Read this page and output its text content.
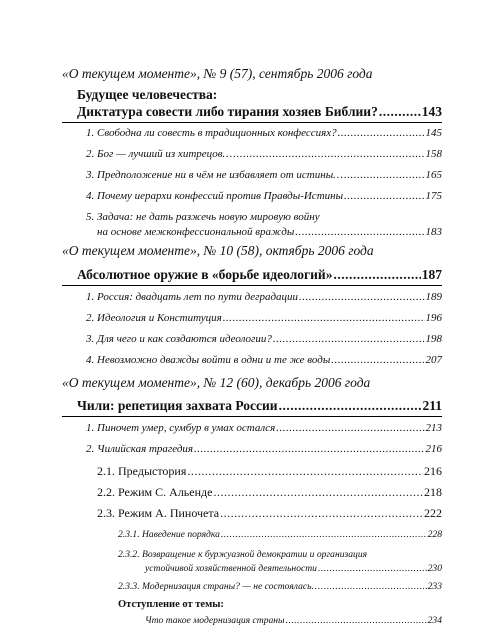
«О текущем моменте», № 9 (57), сентябрь 2006 года
Будущее человечества:
Диктатура совести либо тирания хозяев Библии? .....	143
1. Свободна ли совесть в традиционных конфессиях? .....	145
2. Бог — лучший из хитрецов… .....	158
3. Предположение ни в чём не избавляет от истины… .....	165
4. Почему иерархи конфессий против Правды-Истины .....	175
5. Задача: не дать разжечь новую мировую войну
на основе межконфессиональной вражды .....	183
«О текущем моменте», № 10 (58), октябрь 2006 года
Абсолютное оружие в «борьбе идеологий» .....	187
1. Россия: двадцать лет по пути деградации .....	189
2. Идеология и Конституция .....	196
3. Для чего и как создаются идеологии? .....	198
4. Невозможно дважды войти в одни и те же воды .....	207
«О текущем моменте», № 12 (60), декабрь 2006 года
Чили: репетиция захвата России .....	211
1. Пиночет умер, сумбур в умах остался .....	213
2. Чилийская трагедия .....	216
2.1. Предыстория .....	216
2.2. Режим С. Альенде .....	218
2.3. Режим А. Пиночета .....	222
2.3.1. Наведение порядка .....	228
2.3.2. Возвращение к буржуазной демократии и организация
устойчивой хозяйственной деятельности .....	230
2.3.3. Модернизация страны? — не состоялась… .....	233
Отступление от темы:
Что такое модернизация страны .....	234
